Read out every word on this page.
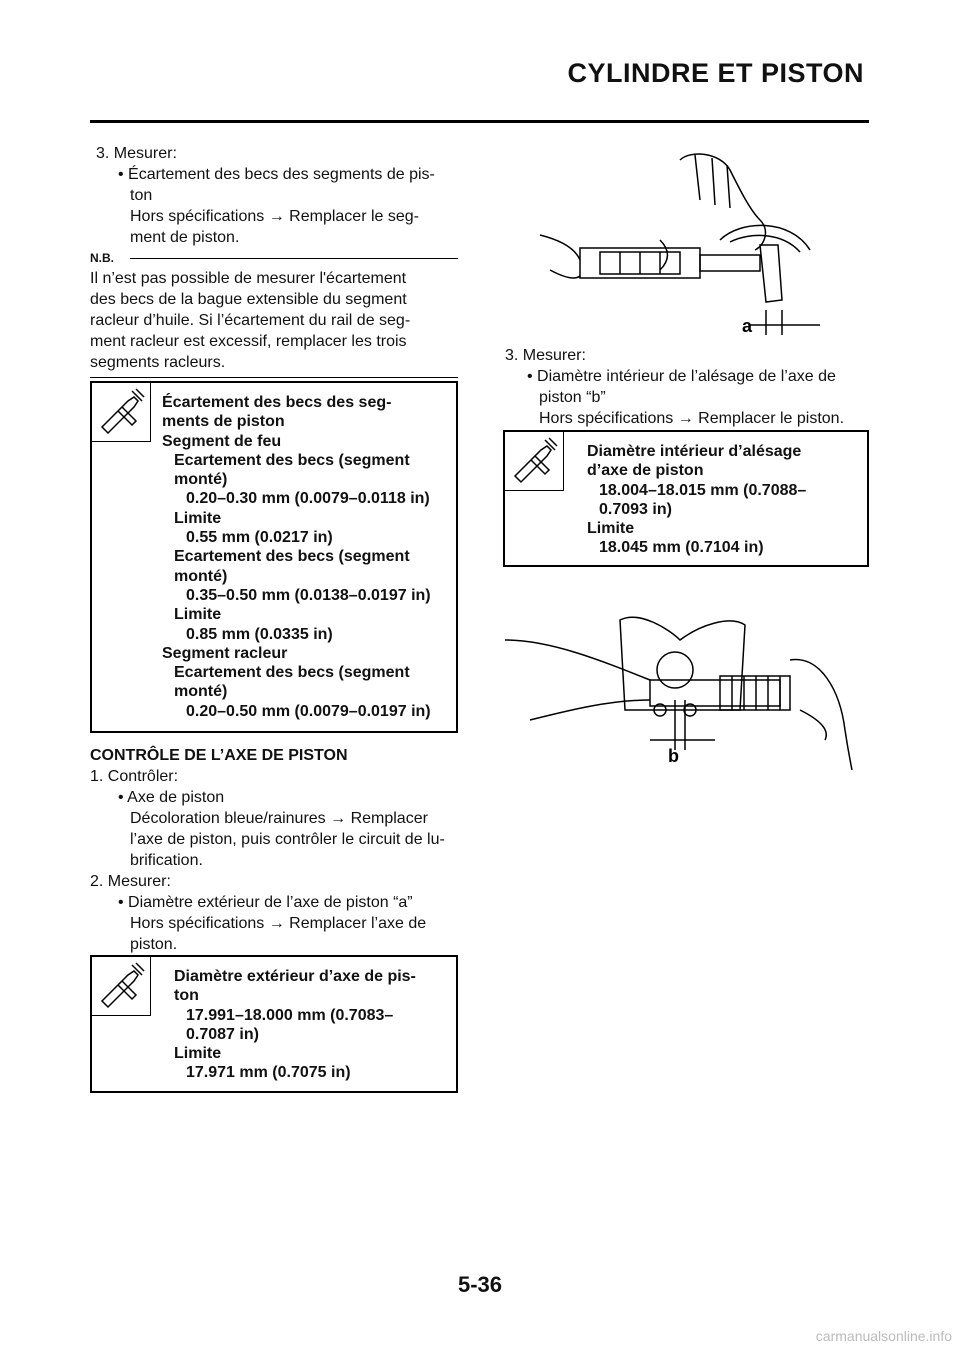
CYLINDRE ET PISTON
3. Mesurer:
• Écartement des becs des segments de pis-
ton
Hors spécifications → Remplacer le seg-
ment de piston.
N.B.
Il n’est pas possible de mesurer l'écartement
des becs de la bague extensible du segment
racleur d’huile. Si l’écartement du rail de seg-
ment racleur est excessif, remplacer les trois
segments racleurs.
Écartement des becs des seg-
ments de piston
Segment de feu
Ecartement des becs (segment
monté)
0.20–0.30 mm (0.0079–0.0118 in)
Limite
0.55 mm (0.0217 in)
Ecartement des becs (segment
monté)
0.35–0.50 mm (0.0138–0.0197 in)
Limite
0.85 mm (0.0335 in)
Segment racleur
Ecartement des becs (segment
monté)
0.20–0.50 mm (0.0079–0.0197 in)
CONTRÔLE DE L’AXE DE PISTON
1. Contrôler:
• Axe de piston
Décoloration bleue/rainures → Remplacer
l’axe de piston, puis contrôler le circuit de lu-
brification.
2. Mesurer:
• Diamètre extérieur de l’axe de piston “a”
Hors spécifications → Remplacer l’axe de
piston.
Diamètre extérieur d’axe de pis-
ton
17.991–18.000 mm (0.7083–
0.7087 in)
Limite
17.971 mm (0.7075 in)
a
3. Mesurer:
• Diamètre intérieur de l’alésage de l’axe de
piston “b”
Hors spécifications → Remplacer le piston.
Diamètre intérieur d’alésage
d’axe de piston
18.004–18.015 mm (0.7088–
0.7093 in)
Limite
18.045 mm (0.7104 in)
b
5-36
carmanualsonline.info
